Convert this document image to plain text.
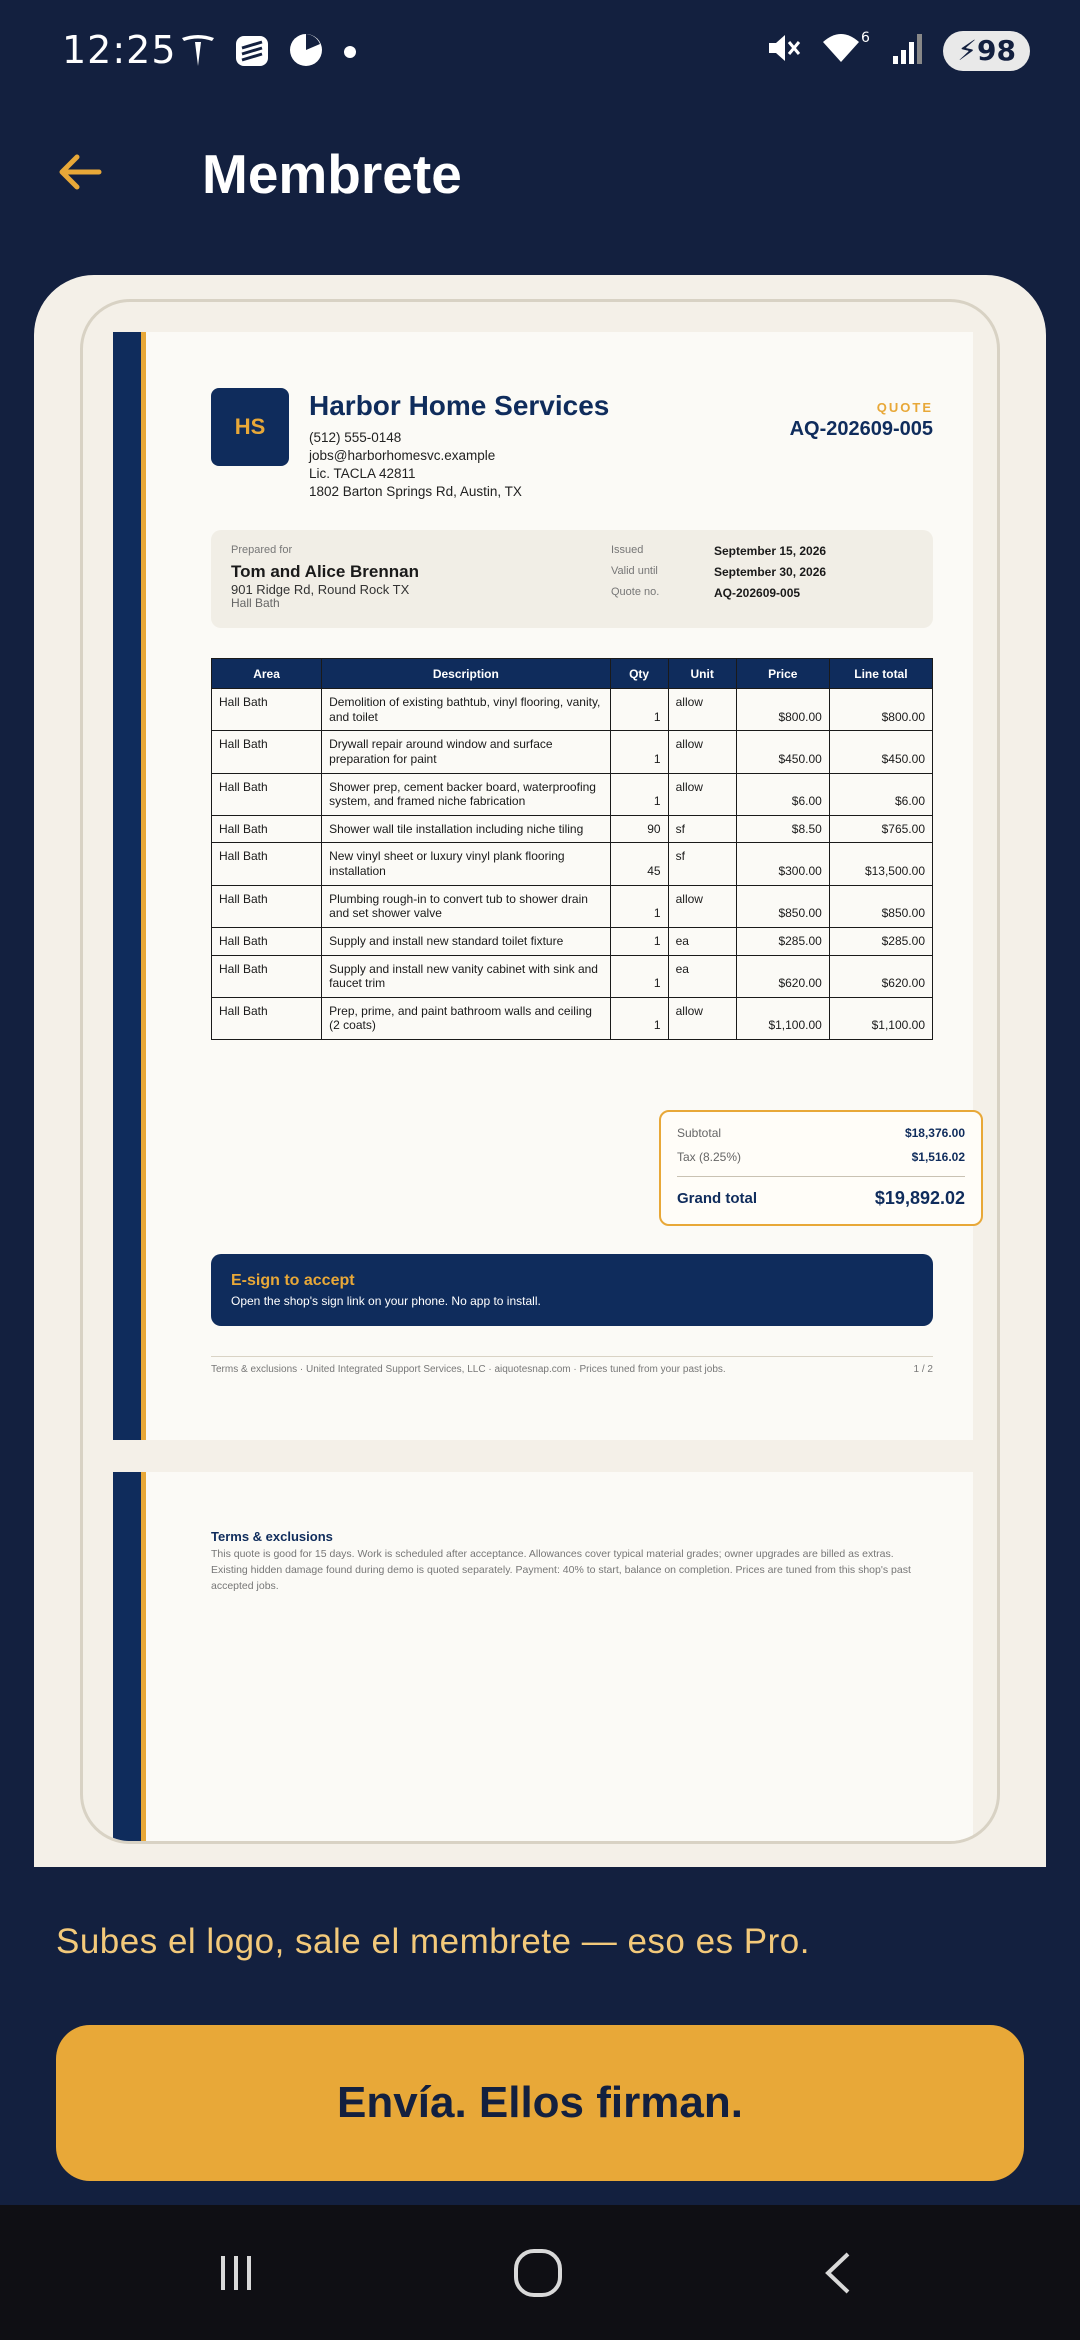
12:25	6	⚡ 98
Membrete
HS
Harbor Home Services
(512) 555-0148
jobs@harborhomesvc.example
Lic. TACLA 42811
1802 Barton Springs Rd, Austin, TX
QUOTE
AQ-202609-005
Prepared for
Tom and Alice Brennan
901 Ridge Rd, Round Rock TX
Hall Bath
Issued	September 15, 2026
Valid until	September 30, 2026
Quote no.	AQ-202609-005
Area	Description	Qty	Unit	Price	Line total
Hall Bath	Demolition of existing bathtub, vinyl flooring, vanity, and toilet	1	allow	$800.00	$800.00
Hall Bath	Drywall repair around window and surface preparation for paint	1	allow	$450.00	$450.00
Hall Bath	Shower prep, cement backer board, waterproofing system, and framed niche fabrication	1	allow	$6.00	$6.00
Hall Bath	Shower wall tile installation including niche tiling	90	sf	$8.50	$765.00
Hall Bath	New vinyl sheet or luxury vinyl plank flooring installation	45	sf	$300.00	$13,500.00
Hall Bath	Plumbing rough-in to convert tub to shower drain and set shower valve	1	allow	$850.00	$850.00
Hall Bath	Supply and install new standard toilet fixture	1	ea	$285.00	$285.00
Hall Bath	Supply and install new vanity cabinet with sink and faucet trim	1	ea	$620.00	$620.00
Hall Bath	Prep, prime, and paint bathroom walls and ceiling (2 coats)	1	allow	$1,100.00	$1,100.00
Subtotal	$18,376.00
Tax (8.25%)	$1,516.02
Grand total	$19,892.02
E-sign to accept
Open the shop's sign link on your phone. No app to install.
Terms & exclusions · United Integrated Support Services, LLC · aiquotesnap.com · Prices tuned from your past jobs.	1 / 2
Terms & exclusions
This quote is good for 15 days. Work is scheduled after acceptance. Allowances cover typical material grades; owner upgrades are billed as extras. Existing hidden damage found during demo is quoted separately. Payment: 40% to start, balance on completion. Prices are tuned from this shop's past accepted jobs.
Subes el logo, sale el membrete — eso es Pro.
Envía. Ellos firman.
